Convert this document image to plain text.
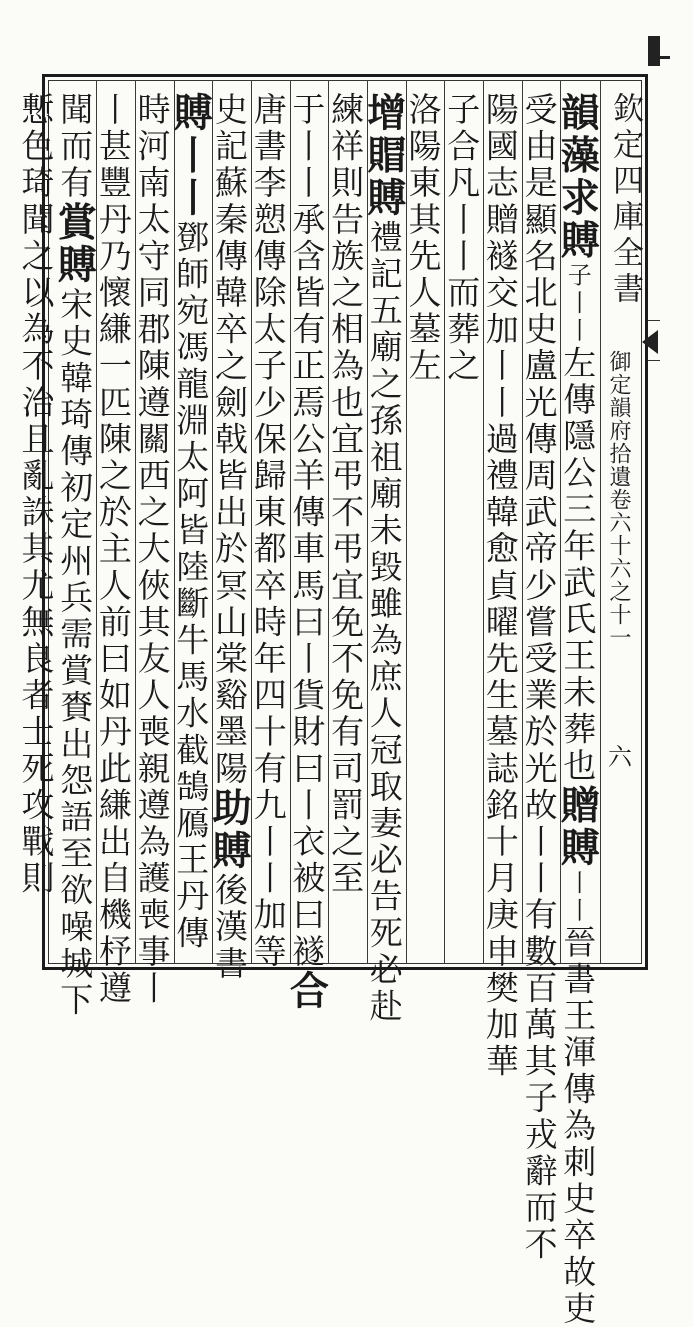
欽定四庫全書
御定韻府拾遺卷六十六之十一
六
韻藻求賻子丨丨左傳隱公三年武氏王未葬也贈賻丨丨晉書王渾傳為刺史卒故吏
受由是顯名北史盧光傳周武帝少嘗受業於光故丨丨有數百萬其子戎辭而不
陽國志贈襚交加丨丨過禮韓愈貞曜先生墓誌銘十月庚申樊加華
子合凡丨丨而葬之
洛陽東其先人墓左
增賵賻禮記五廟之孫祖廟未毀雖為庶人冠取妻必告死必赴
練祥則告族之相為也宜弔不弔宜免不免有司罰之至
于丨丨承含皆有正焉公羊傳車馬曰丨貨財曰丨衣被曰襚合
唐書李愬傳除太子少保歸東都卒時年四十有九丨丨加等
史記蘇秦傳韓卒之劍戟皆出於冥山棠谿墨陽助賻後漢書
賻丨丨鄧師宛馮龍淵太阿皆陸斷牛馬水截鵠鴈王丹傳
時河南太守同郡陳遵關西之大俠其友人喪親遵為護喪事丨
丨甚豐丹乃懷縑一匹陳之於主人前曰如丹此縑出自機杼遵
聞而有賞賻宋史韓琦傳初定州兵需賞賚出怨語至欲噪城下
慙色琦聞之以為不治且亂誅其尤無良者士死攻戰則
